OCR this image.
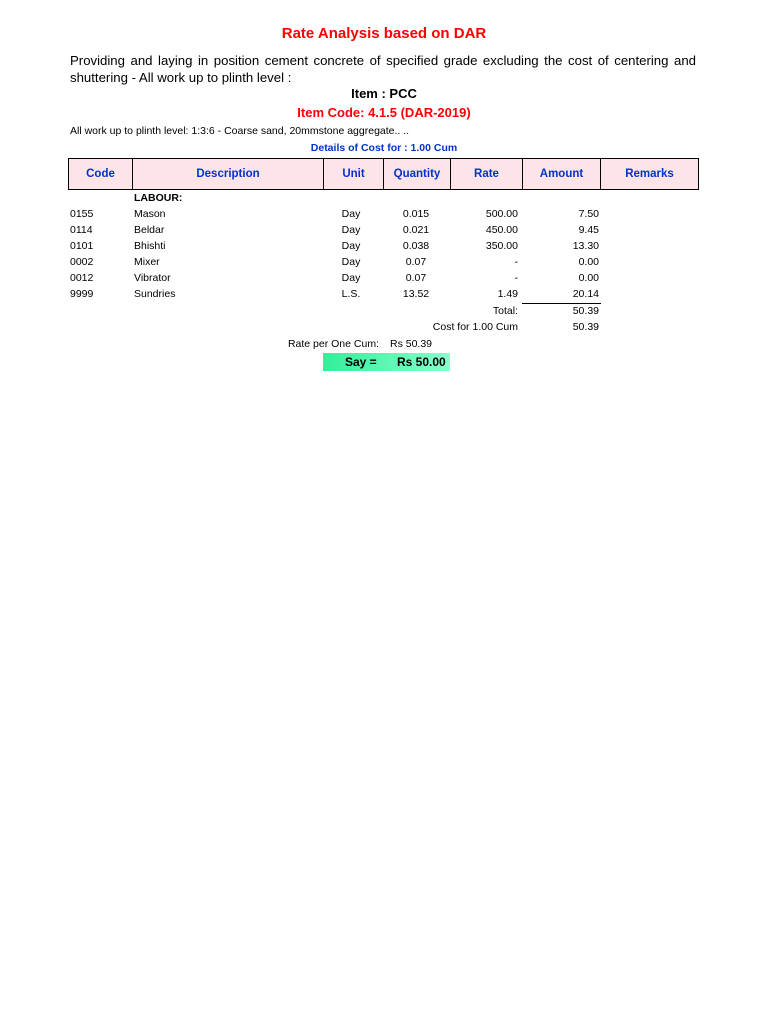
Rate Analysis based on DAR
Providing and laying in position cement concrete of specified grade excluding the cost of centering and shuttering - All work up to plinth level :
Item : PCC
Item Code: 4.1.5 (DAR-2019)
All work up to plinth level: 1:3:6 - Coarse sand, 20mmstone aggregate.. ..
Details of Cost for : 1.00 Cum
Code	Description	Unit	Quantity	Rate	Amount	Remarks
LABOUR:
0155	Mason	Day	0.015	500.00	7.50
0114	Beldar	Day	0.021	450.00	9.45
0101	Bhishti	Day	0.038	350.00	13.30
0002	Mixer	Day	0.07	-	0.00
0012	Vibrator	Day	0.07	-	0.00
9999	Sundries	L.S.	13.52	1.49	20.14
Total:	50.39
Cost for 1.00 Cum	50.39
Rate per One Cum: Rs 50.39
Say = Rs 50.00
